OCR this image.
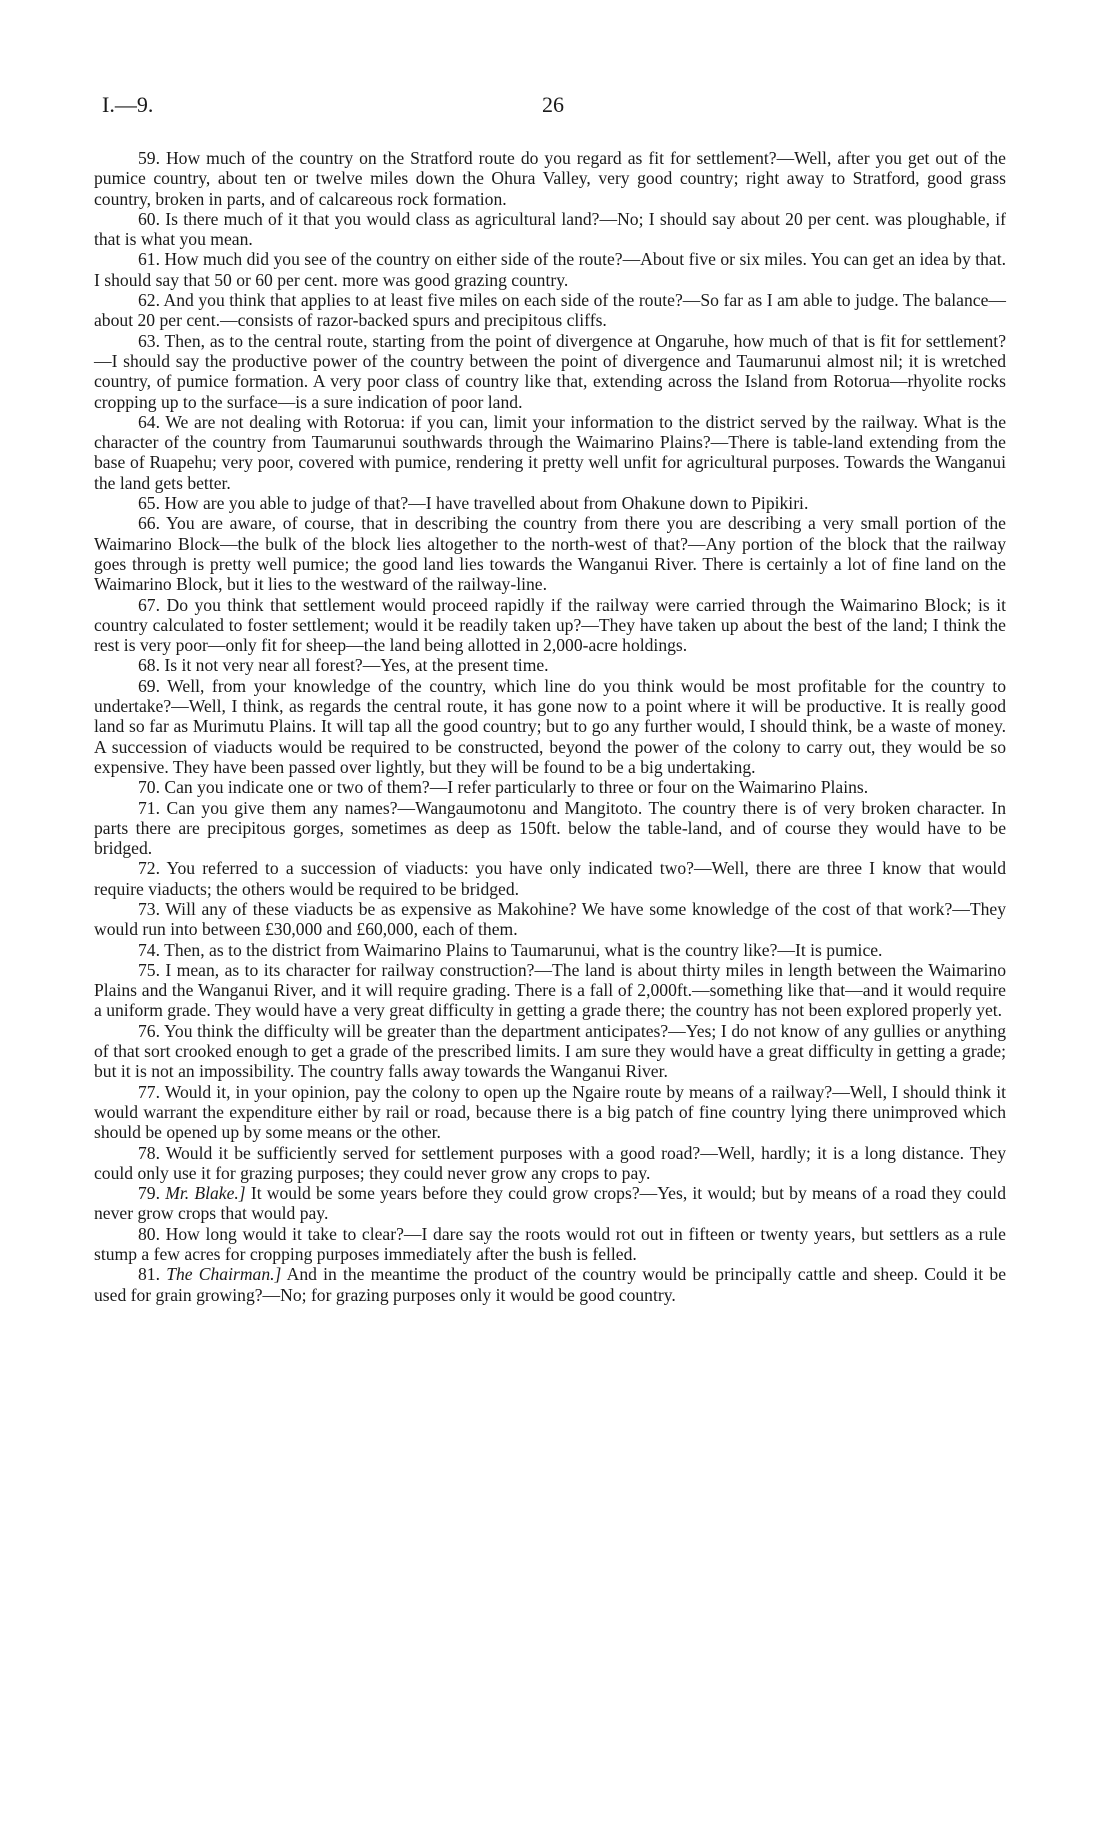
I.—9.	26

59. How much of the country on the Stratford route do you regard as fit for settlement?—Well, after you get out of the pumice country, about ten or twelve miles down the Ohura Valley, very good country; right away to Stratford, good grass country, broken in parts, and of calcareous rock formation.

60. Is there much of it that you would class as agricultural land?—No; I should say about 20 per cent. was ploughable, if that is what you mean.

61. How much did you see of the country on either side of the route?—About five or six miles. You can get an idea by that. I should say that 50 or 60 per cent. more was good grazing country.

62. And you think that applies to at least five miles on each side of the route?—So far as I am able to judge. The balance—about 20 per cent.—consists of razor-backed spurs and precipitous cliffs.

63. Then, as to the central route, starting from the point of divergence at Ongaruhe, how much of that is fit for settlement?—I should say the productive power of the country between the point of divergence and Taumarunui almost nil; it is wretched country, of pumice formation. A very poor class of country like that, extending across the Island from Rotorua—rhyolite rocks cropping up to the surface—is a sure indication of poor land.

64. We are not dealing with Rotorua: if you can, limit your information to the district served by the railway. What is the character of the country from Taumarunui southwards through the Waimarino Plains?—There is table-land extending from the base of Ruapehu; very poor, covered with pumice, rendering it pretty well unfit for agricultural purposes. Towards the Wanganui the land gets better.

65. How are you able to judge of that?—I have travelled about from Ohakune down to Pipikiri.

66. You are aware, of course, that in describing the country from there you are describing a very small portion of the Waimarino Block—the bulk of the block lies altogether to the north-west of that?—Any portion of the block that the railway goes through is pretty well pumice; the good land lies towards the Wanganui River. There is certainly a lot of fine land on the Waimarino Block, but it lies to the westward of the railway-line.

67. Do you think that settlement would proceed rapidly if the railway were carried through the Waimarino Block; is it country calculated to foster settlement; would it be readily taken up?—They have taken up about the best of the land; I think the rest is very poor—only fit for sheep—the land being allotted in 2,000-acre holdings.

68. Is it not very near all forest?—Yes, at the present time.

69. Well, from your knowledge of the country, which line do you think would be most profitable for the country to undertake?—Well, I think, as regards the central route, it has gone now to a point where it will be productive. It is really good land so far as Murimutu Plains. It will tap all the good country; but to go any further would, I should think, be a waste of money. A succession of viaducts would be required to be constructed, beyond the power of the colony to carry out, they would be so expensive. They have been passed over lightly, but they will be found to be a big undertaking.

70. Can you indicate one or two of them?—I refer particularly to three or four on the Waimarino Plains.

71. Can you give them any names?—Wangaumotonu and Mangitoto. The country there is of very broken character. In parts there are precipitous gorges, sometimes as deep as 150ft. below the table-land, and of course they would have to be bridged.

72. You referred to a succession of viaducts: you have only indicated two?—Well, there are three I know that would require viaducts; the others would be required to be bridged.

73. Will any of these viaducts be as expensive as Makohine? We have some knowledge of the cost of that work?—They would run into between £30,000 and £60,000, each of them.

74. Then, as to the district from Waimarino Plains to Taumarunui, what is the country like?—It is pumice.

75. I mean, as to its character for railway construction?—The land is about thirty miles in length between the Waimarino Plains and the Wanganui River, and it will require grading. There is a fall of 2,000ft.—something like that—and it would require a uniform grade. They would have a very great difficulty in getting a grade there; the country has not been explored properly yet.

76. You think the difficulty will be greater than the department anticipates?—Yes; I do not know of any gullies or anything of that sort crooked enough to get a grade of the prescribed limits. I am sure they would have a great difficulty in getting a grade; but it is not an impossibility. The country falls away towards the Wanganui River.

77. Would it, in your opinion, pay the colony to open up the Ngaire route by means of a railway?—Well, I should think it would warrant the expenditure either by rail or road, because there is a big patch of fine country lying there unimproved which should be opened up by some means or the other.

78. Would it be sufficiently served for settlement purposes with a good road?—Well, hardly; it is a long distance. They could only use it for grazing purposes; they could never grow any crops to pay.

79. Mr. Blake.] It would be some years before they could grow crops?—Yes, it would; but by means of a road they could never grow crops that would pay.

80. How long would it take to clear?—I dare say the roots would rot out in fifteen or twenty years, but settlers as a rule stump a few acres for cropping purposes immediately after the bush is felled.

81. The Chairman.] And in the meantime the product of the country would be principally cattle and sheep. Could it be used for grain growing?—No; for grazing purposes only it would be good country.
